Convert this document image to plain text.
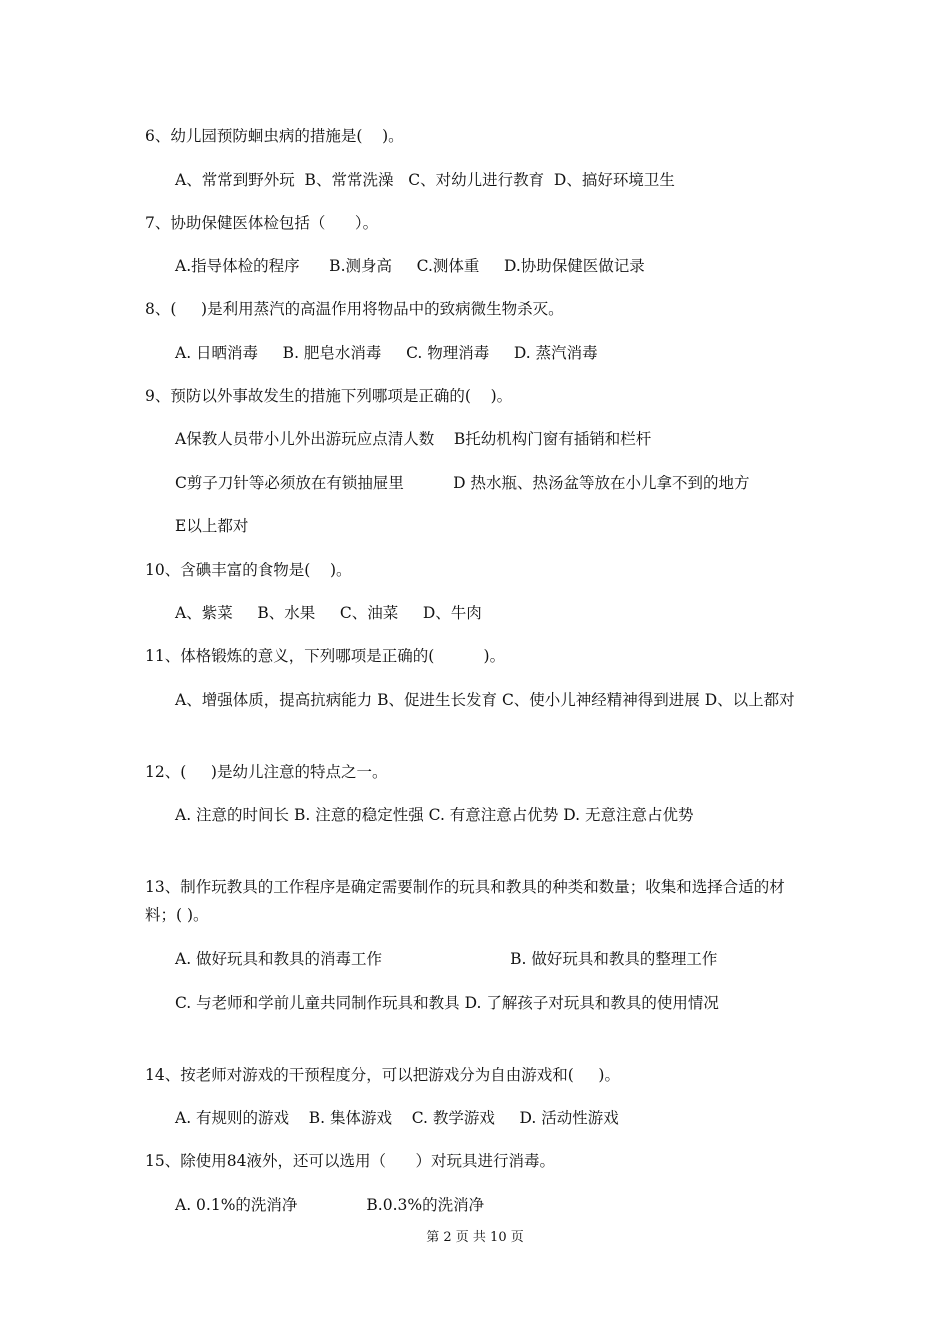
6、幼儿园预防蛔虫病的措施是(    )。
A、常常到野外玩  B、常常洗澡   C、对幼儿进行教育  D、搞好环境卫生
7、协助保健医体检包括（      ）。
A.指导体检的程序      B.测身高     C.测体重     D.协助保健医做记录
8、(     )是利用蒸汽的高温作用将物品中的致病微生物杀灭。
A. 日晒消毒     B. 肥皂水消毒     C. 物理消毒     D. 蒸汽消毒
9、预防以外事故发生的措施下列哪项是正确的(    )。
A保教人员带小儿外出游玩应点清人数    B托幼机构门窗有插销和栏杆
C剪子刀针等必须放在有锁抽屉里          D 热水瓶、热汤盆等放在小儿拿不到的地方
E以上都对
10、含碘丰富的食物是(    )。
A、紫菜     B、水果     C、油菜     D、牛肉
11、体格锻炼的意义，下列哪项是正确的(          )。
A、增强体质，提高抗病能力 B、促进生长发育 C、使小儿神经精神得到进展 D、以上都对
12、(     )是幼儿注意的特点之一。
A. 注意的时间长 B. 注意的稳定性强 C. 有意注意占优势 D. 无意注意占优势
13、制作玩教具的工作程序是确定需要制作的玩具和教具的种类和数量；收集和选择合适的材料；( )。
A. 做好玩具和教具的消毒工作                          B. 做好玩具和教具的整理工作
C. 与老师和学前儿童共同制作玩具和教具 D. 了解孩子对玩具和教具的使用情况
14、按老师对游戏的干预程度分，可以把游戏分为自由游戏和(     )。
A. 有规则的游戏    B. 集体游戏    C. 教学游戏     D. 活动性游戏
15、除使用84液外，还可以选用（      ）对玩具进行消毒。
A. 0.1%的洗消净              B.0.3%的洗消净
第 2 页 共 10 页
